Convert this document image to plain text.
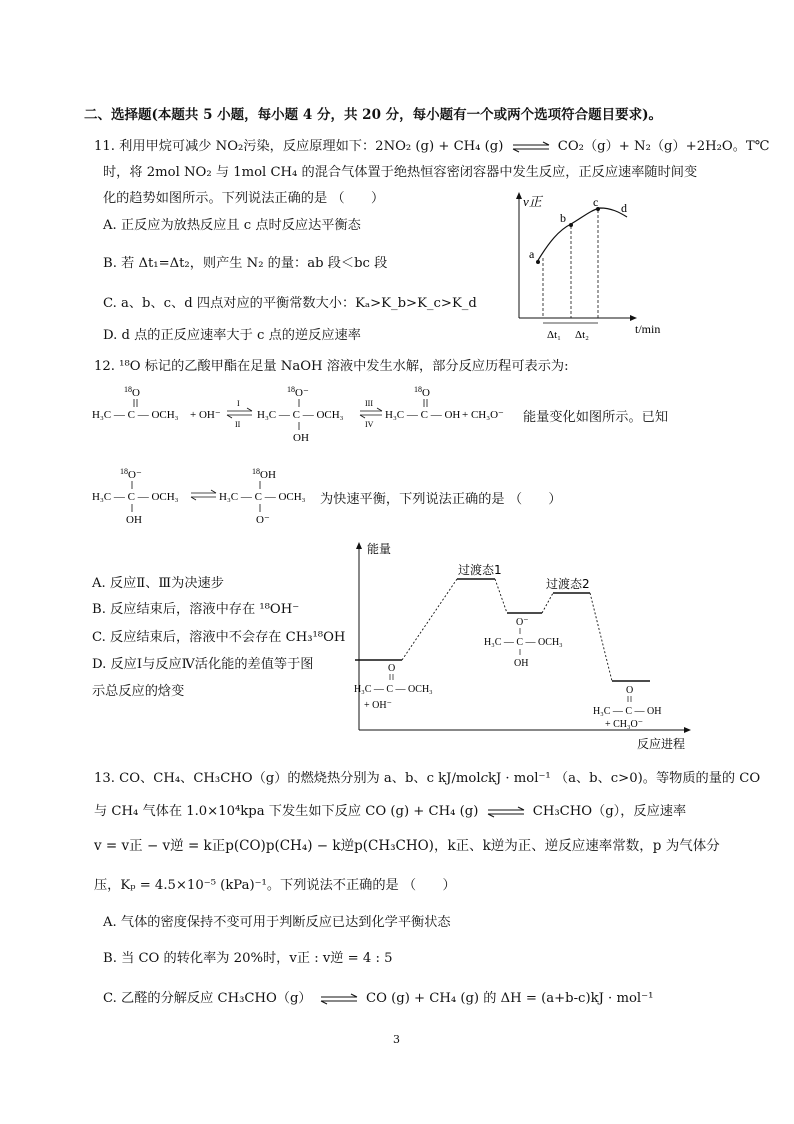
二、选择题(本题共 5 小题，每小题 4 分，共 20 分，每小题有一个或两个选项符合题目要求)。
11. 利用甲烷可减少 NO₂污染，反应原理如下：2NO₂ (g) + CH₄ (g) ⇌ CO₂（g）+ N₂（g）+2H₂O。T℃
时，将 2mol NO₂ 与 1mol CH₄ 的混合气体置于绝热恒容密闭容器中发生反应，正反应速率随时间变
化的趋势如图所示。下列说法正确的是 （　　）
A. 正反应为放热反应且 c 点时反应达平衡态
B. 若 Δt₁=Δt₂，则产生 N₂ 的量：ab 段＜bc 段
C. a、b、c、d 四点对应的平衡常数大小：Kₐ>K_b>K_c>K_d
D. d 点的正反应速率大于 c 点的逆反应速率
v正
a
b
c d
Δt₁ Δt₂	t/min
12. ¹⁸O 标记的乙酸甲酯在足量 NaOH 溶液中发生水解，部分反应历程可表示为:
18 O
H₃C — C — OCH₃ + OH⁻
I
II
18 O⁻
H₃C — C — OCH₃
OH
III
IV
18 O
H₃C — C — OH + CH₃O⁻ 能量变化如图所示。已知
18 O⁻
H₃C — C — OCH₃
OH
18 OH
H₃C — C — OCH₃
O⁻
为快速平衡，下列说法正确的是 （　　）
A. 反应Ⅱ、Ⅲ为决速步
B. 反应结束后，溶液中存在 ¹⁸OH⁻
C. 反应结束后，溶液中不会存在 CH₃¹⁸OH
D. 反应Ⅰ与反应Ⅳ活化能的差值等于图
示总反应的焓变
能量
反应进程
过渡态1
过渡态2
O
H₃C — C — OCH₃
+ OH⁻
O⁻
H₃C — C — OCH₃
OH
O
H₃C — C — OH
+ CH₃O⁻
13. CO、CH₄、CH₃CHO（g）的燃烧热分别为 a、b、c kJ/molckJ · mol⁻¹ （a、b、c>0)。等物质的量的 CO
与 CH₄ 气体在 1.0×10⁴kpa 下发生如下反应 CO (g) + CH₄ (g) ⇌ CH₃CHO（g），反应速率
v = v正 − v逆 = k正p(CO)p(CH₄) − k逆p(CH₃CHO)，k正、k逆为正、逆反应速率常数，p 为气体分
压，Kₚ = 4.5×10⁻⁵ (kPa)⁻¹。下列说法不正确的是 （　　）
A. 气体的密度保持不变可用于判断反应已达到化学平衡状态
B. 当 CO 的转化率为 20%时，v正 : v逆 = 4 : 5
C. 乙醛的分解反应 CH₃CHO（g） ⇌ CO (g) + CH₄ (g) 的 ΔH = (a+b-c)kJ · mol⁻¹
3
